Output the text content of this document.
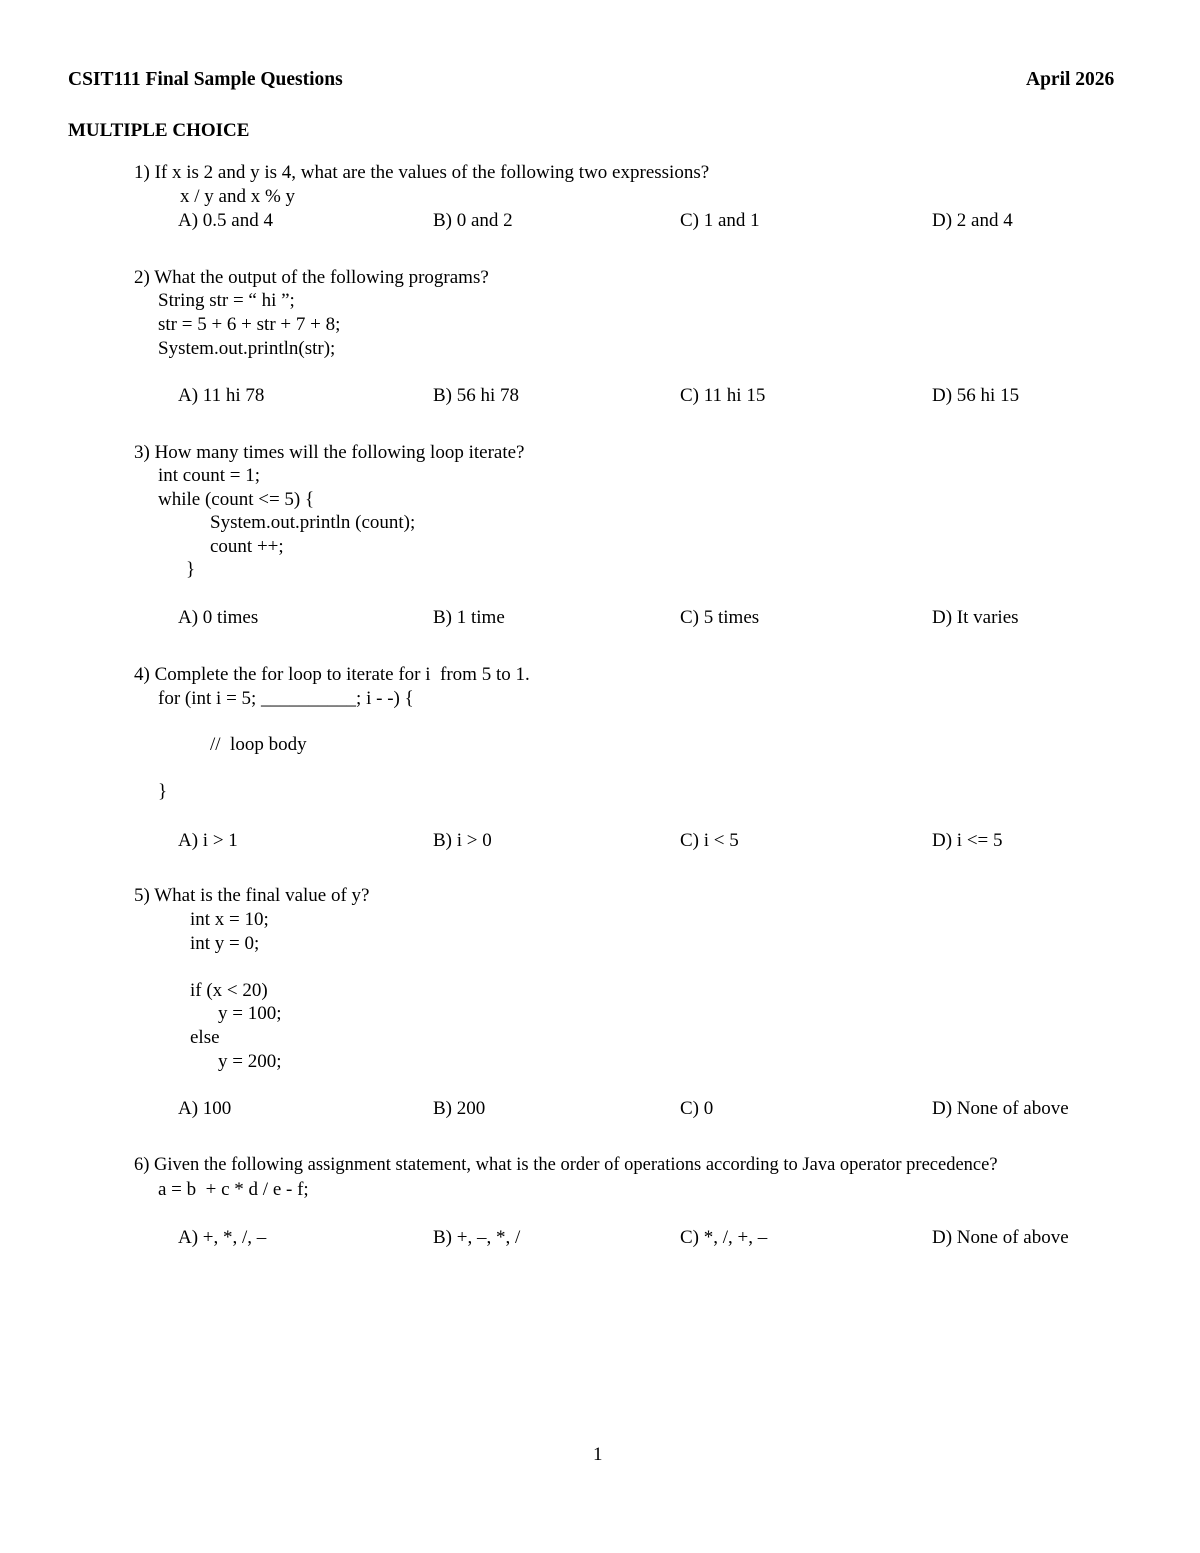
CSIT111 Final Sample Questions	April 2026
MULTIPLE CHOICE
1) If x is 2 and y is 4, what are the values of the following two expressions?
x / y and x % y
A) 0.5 and 4	B) 0 and 2	C) 1 and 1	D) 2 and 4
2) What the output of the following programs?
String str = “ hi ”;
str = 5 + 6 + str + 7 + 8;
System.out.println(str);
A) 11 hi 78	B) 56 hi 78	C) 11 hi 15	D) 56 hi 15
3) How many times will the following loop iterate?
int count = 1;
while (count <= 5) {
System.out.println (count);
count ++;
}
A) 0 times	B) 1 time	C) 5 times	D) It varies
4) Complete the for loop to iterate for i  from 5 to 1.
for (int i = 5; __________; i - -) {
//  loop body
}
A) i > 1	B) i > 0	C) i < 5	D) i <= 5
5) What is the final value of y?
int x = 10;
int y = 0;
if (x < 20)
y = 100;
else
y = 200;
A) 100	B) 200	C) 0	D) None of above
6) Given the following assignment statement, what is the order of operations according to Java operator precedence?
a = b  + c * d / e - f;
A) +, *, /, –	B) +, –, *, /	C) *, /, +, –	D) None of above
1
